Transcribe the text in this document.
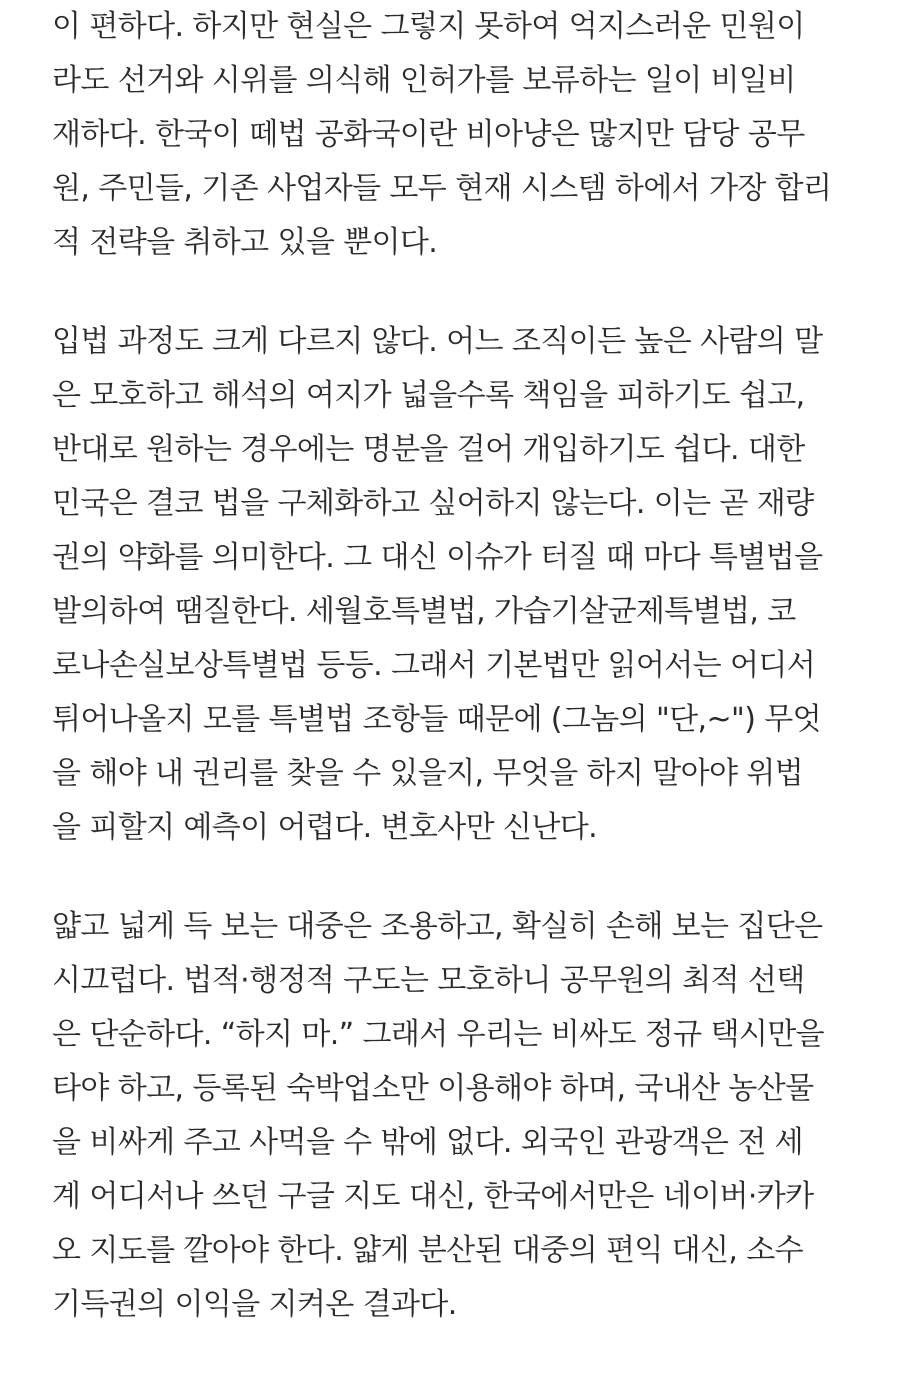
이 편하다. 하지만 현실은 그렇지 못하여 억지스러운 민원이
라도 선거와 시위를 의식해 인허가를 보류하는 일이 비일비
재하다. 한국이 떼법 공화국이란 비아냥은 많지만 담당 공무
원, 주민들, 기존 사업자들 모두 현재 시스템 하에서 가장 합리
적 전략을 취하고 있을 뿐이다.
입법 과정도 크게 다르지 않다. 어느 조직이든 높은 사람의 말
은 모호하고 해석의 여지가 넓을수록 책임을 피하기도 쉽고,
반대로 원하는 경우에는 명분을 걸어 개입하기도 쉽다. 대한
민국은 결코 법을 구체화하고 싶어하지 않는다. 이는 곧 재량
권의 약화를 의미한다. 그 대신 이슈가 터질 때 마다 특별법을
발의하여 땜질한다. 세월호특별법, 가습기살균제특별법, 코
로나손실보상특별법 등등. 그래서 기본법만 읽어서는 어디서
튀어나올지 모를 특별법 조항들 때문에 (그놈의 "단,~") 무엇
을 해야 내 권리를 찾을 수 있을지, 무엇을 하지 말아야 위법
을 피할지 예측이 어렵다. 변호사만 신난다.
얇고 넓게 득 보는 대중은 조용하고, 확실히 손해 보는 집단은
시끄럽다. 법적·행정적 구도는 모호하니 공무원의 최적 선택
은 단순하다. “하지 마.” 그래서 우리는 비싸도 정규 택시만을
타야 하고, 등록된 숙박업소만 이용해야 하며, 국내산 농산물
을 비싸게 주고 사먹을 수 밖에 없다. 외국인 관광객은 전 세
계 어디서나 쓰던 구글 지도 대신, 한국에서만은 네이버·카카
오 지도를 깔아야 한다. 얇게 분산된 대중의 편익 대신, 소수
기득권의 이익을 지켜온 결과다.
